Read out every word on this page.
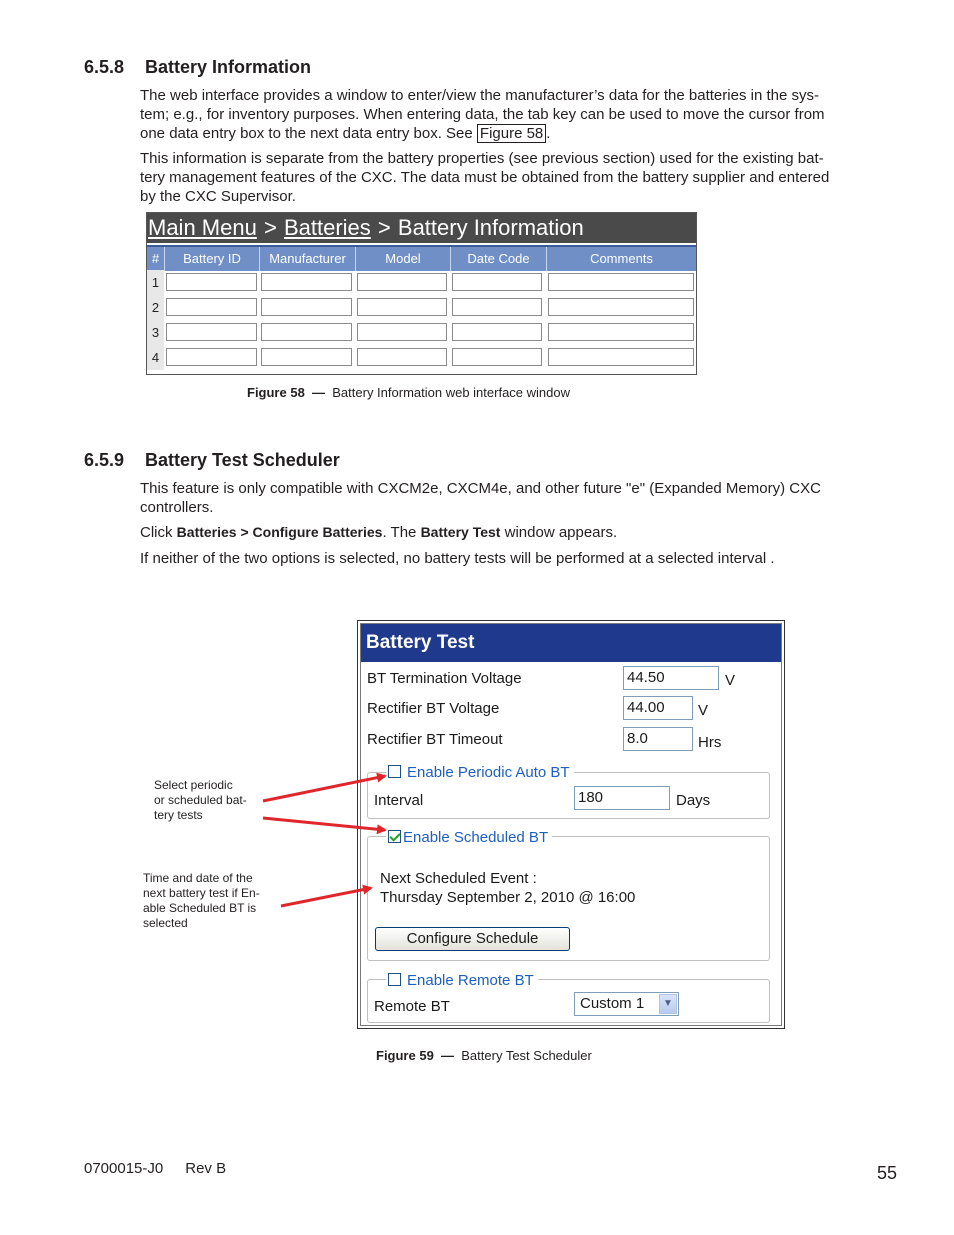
6.5.8 Battery Information
The web interface provides a window to enter/view the manufacturer’s data for the batteries in the sys-
tem; e.g., for inventory purposes. When entering data, the tab key can be used to move the cursor from
one data entry box to the next data entry box. See Figure 58 .
This information is separate from the battery properties (see previous section) used for the existing bat-
tery management features of the CXC. The data must be obtained from the battery supplier and entered
by the CXC Supervisor.
Main Menu > Batteries > Battery Information
#	Battery ID	Manufacturer	Model	Date Code	Comments
1
2
3
4
Figure 58 — Battery Information web interface window
6.5.9 Battery Test Scheduler
This feature is only compatible with CXCM2e, CXCM4e, and other future "e" (Expanded Memory) CXC
controllers.
Click Batteries > Configure Batteries. The Battery Test window appears.
If neither of the two options is selected, no battery tests will be performed at a selected interval .
Battery Test
BT Termination Voltage	44.50	V
Rectifier BT Voltage	44.00	V
Rectifier BT Timeout	8.0	Hrs
Enable Periodic Auto BT
Interval	180	Days
Enable Scheduled BT
Next Scheduled Event :
Thursday September 2, 2010 @ 16:00
Configure Schedule
Enable Remote BT
Remote BT	Custom 1	▼
Select periodic
or scheduled bat-
tery tests
Time and date of the
next battery test if En-
able Scheduled BT is
selected
Figure 59 — Battery Test Scheduler
0700015-J0 Rev B	55
